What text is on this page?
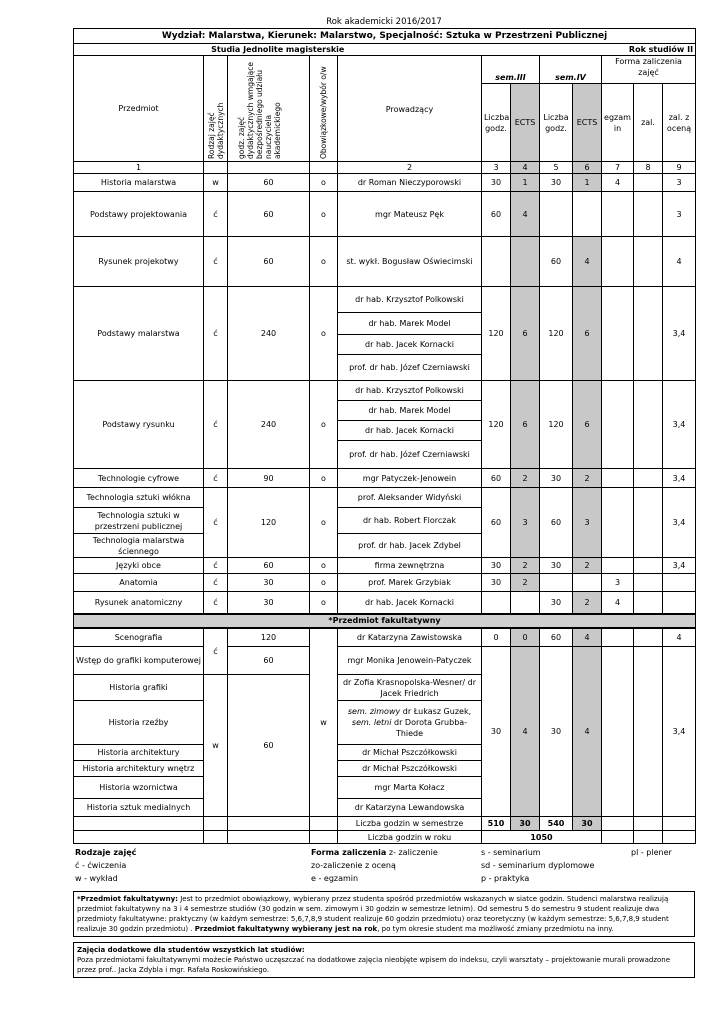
Rok akademicki 2016/2017
Wydział: Malarstwa, Kierunek: Malarstwo, Specjalność: Sztuka w Przestrzeni Publicznej											
Studia Jednolite magisterskie					Rok studiów II						
Przedmiot	Rodzaj zajęć dydaktycznych	godz. zajęć dydaktycznych wmgające bezpośredniego udziału nauczyciela akademickiego	Obowiązkowe/wybór o/w	Prowadzący	sem.III		sem.IV		Forma zaliczenia zajęć		
					Liczba godz.	ECTS	Liczba godz.	ECTS	egzam in	zal.	zal. z oceną
1				2	3	4	5	6	7	8	9
Historia malarstwa	w	60	o	dr Roman Nieczyporowski	30	1	30	1	4		3
Podstawy projektowania	ć	60	o	mgr Mateusz Pęk	60	4					3
Rysunek projekotwy	ć	60	o	st. wykł. Bogusław Oświecimski			60	4			4
Podstawy malarstwa	ć	240	o	dr hab. Krzysztof Polkowski	120	6	120	6			3,4
				dr hab. Marek Model							
				dr hab. Jacek Kornacki							
				prof. dr hab. Józef Czerniawski							
Podstawy rysunku	ć	240	o	dr hab. Krzysztof Polkowski	120	6	120	6			3,4
				dr hab. Marek Model							
				dr hab. Jacek Kornacki							
				prof. dr hab. Józef Czerniawski							
Technologie cyfrowe	ć	90	o	mgr Patyczek-Jenowein	60	2	30	2			3,4
Technologia sztuki włókna	ć	120	o	prof. Aleksander Widyński	60	3	60	3			3,4
Technologia sztuki w przestrzeni publicznej				dr hab. Robert Florczak							
Technologia malarstwa ściennego				prof. dr hab. Jacek Zdybel							
Języki obce	ć	60	o	firma zewnętrzna	30	2	30	2			3,4
Anatomia	ć	30	o	prof. Marek Grzybiak	30	2			3		
Rysunek anatomiczny	ć	30	o	dr hab. Jacek Kornacki			30	2	4		
*Przedmiot fakultatywny											
Scenografia	ć	120	w	dr Katarzyna Zawistowska	0	0	60	4			4
Wstęp do grafiki komputerowej		60		mgr Monika Jenowein-Patyczek	30	4	30	4			3,4
Historia grafiki	w	60		dr Zofia Krasnopolska-Wesner/ dr Jacek Friedrich							
Historia rzeźby				sem. zimowy dr Łukasz Guzek,
sem. letni dr Dorota Grubba-Thiede							
Historia architektury				dr Michał Pszczółkowski							
Historia architektury wnętrz				dr Michał Pszczółkowski							
Historia wzornictwa				mgr Marta Kołacz							
Historia sztuk medialnych				dr Katarzyna Lewandowska							
				Liczba godzin w semestrze	510	30	540	30			
				Liczba godzin w roku	1050						
Rodzaje zajęć	Forma zaliczenia z- zaliczenie	s - seminarium	pl - plener
ć - ćwiczenia	zo-zaliczenie z oceną	sd - seminarium dyplomowe	
w - wykład	e - egzamin	p - praktyka	
*Przedmiot fakultatywny: Jest to przedmiot obowiązkowy, wybierany przez studenta spośród przedmiotów wskazanych w siatce godzin. Studenci malarstwa realizują przedmiot fakultatywny na 3 i 4 semestrze studiów (30 godzin w sem. zimowym i 30 godzin w semestrze letnim). Od semestru 5 do semestru 9 student realizuje dwa przedmioty fakultatywne: praktyczny (w każdym semestrze: 5,6,7,8,9 student realizuje 60 godzin przedmiotu) oraz teoretyczny (w każdym semestrze: 5,6,7,8,9 student realizuje 30 godzin przedmiotu) . Przedmiot fakultatywny wybierany jest na rok, po tym okresie student ma możliwość zmiany przedmiotu na inny.
Zajęcia dodatkowe dla studentów wszystkich lat studiów:
Poza przedmiotami fakultatywnymi możecie Państwo uczęszczać na dodatkowe zajęcia nieobjęte wpisem do indeksu, czyli warsztaty – projektowanie murali prowadzone przez prof.. Jacka Zdybla i mgr. Rafała Roskowińskiego.
